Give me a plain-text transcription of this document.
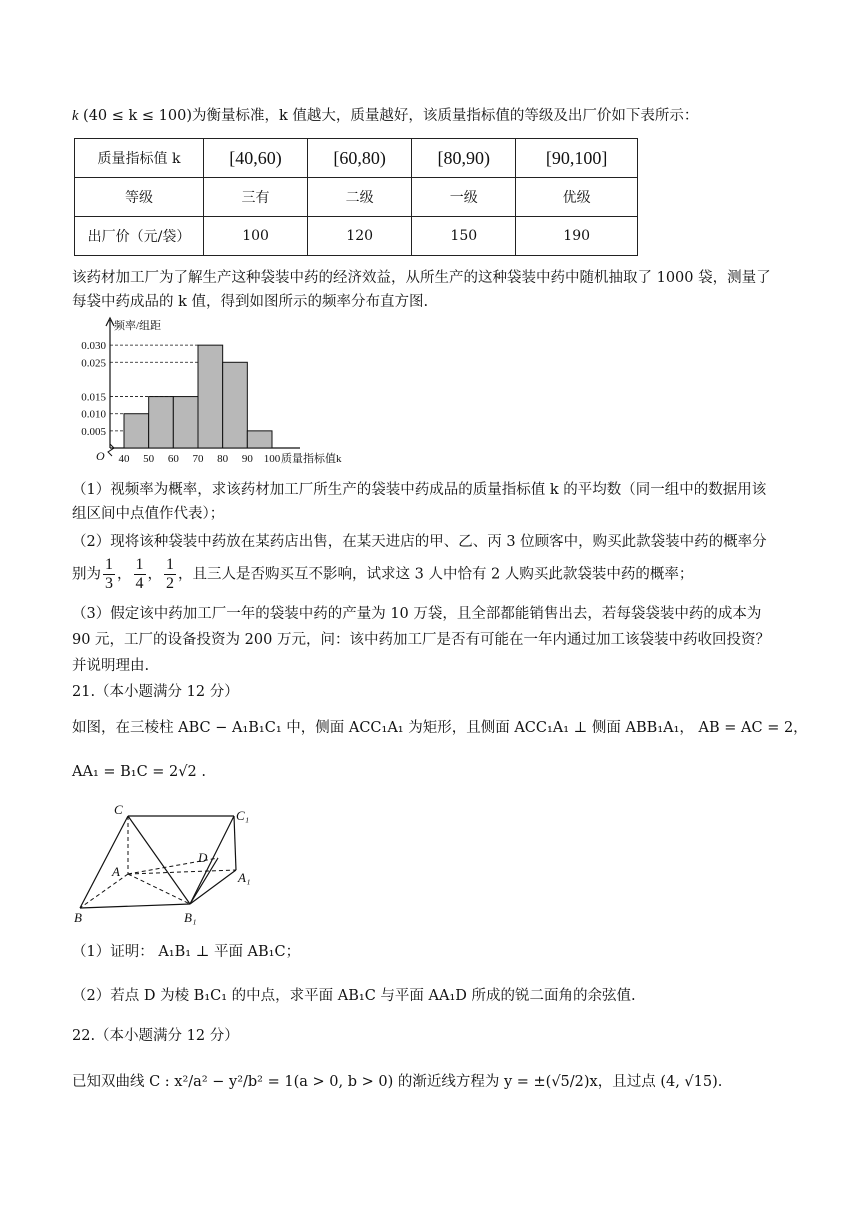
k (40 ≤ k ≤ 100)为衡量标准，k 值越大，质量越好，该质量指标值的等级及出厂价如下表所示：
质量指标值 k	[40,60)	[60,80)	[80,90)	[90,100]
等级	三有	二级	一级	优级
出厂价（元/袋）	100	120	150	190
该药材加工厂为了解生产这种袋装中药的经济效益，从所生产的这种袋装中药中随机抽取了 1000 袋，测量了
每袋中药成品的 k 值，得到如图所示的频率分布直方图.
0.005
0.010
0.015
0.025
0.030
40 50 60 70 80 90 100 质量指标值k
频率/组距
O
（1）视频率为概率，求该药材加工厂所生产的袋装中药成品的质量指标值 k 的平均数（同一组中的数据用该
组区间中点值作代表）；
（2）现将该种袋装中药放在某药店出售，在某天进店的甲、乙、丙 3 位顾客中，购买此款袋装中药的概率分
别为 $\frac{1}{3}$ ， $\frac{1}{4}$ ， $\frac{1}{2}$ ，且三人是否购买互不影响，试求这 3 人中恰有 2 人购买此款袋装中药的概率；
（3）假定该中药加工厂一年的袋装中药的产量为 10 万袋，且全部都能销售出去，若每袋袋装中药的成本为
90 元，工厂的设备投资为 200 万元，问：该中药加工厂是否有可能在一年内通过加工该袋装中药收回投资？
并说明理由.
21.（本小题满分 12 分）
如图，在三棱柱 ABC − A₁B₁C₁ 中，侧面 ACC₁A₁ 为矩形，且侧面 ACC₁A₁ ⊥ 侧面 ABB₁A₁， AB = AC = 2，
AA₁ = B₁C = 2√2 .
C	C₁
D
A	A₁
B	B₁
（1）证明： A₁B₁ ⊥ 平面 AB₁C；
（2）若点 D 为棱 B₁C₁ 的中点，求平面 AB₁C 与平面 AA₁D 所成的锐二面角的余弦值.
22.（本小题满分 12 分）
已知双曲线 C : x²/a² − y²/b² = 1(a > 0, b > 0) 的渐近线方程为 y = ±(√5/2)x，且过点 (4, √15).
